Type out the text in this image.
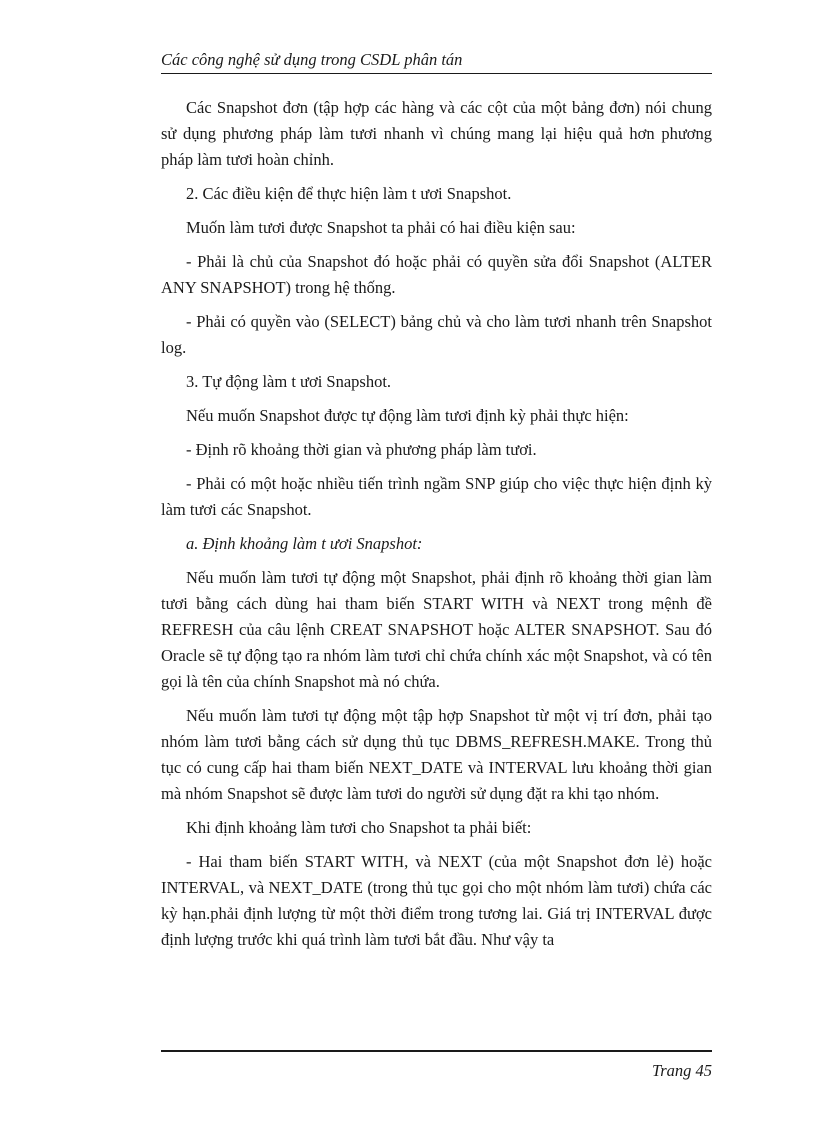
Các công nghệ sử dụng trong CSDL phân tán

Các Snapshot đơn (tập hợp các hàng và các cột của một bảng đơn) nói chung sử dụng phương pháp làm tươi nhanh vì chúng mang lại hiệu quả hơn phương pháp làm tươi hoàn chỉnh.

2. Các điều kiện để thực hiện làm t ươi Snapshot.

Muốn làm tươi được Snapshot ta phải có hai điều kiện sau:

- Phải là chủ của Snapshot đó hoặc phải có quyền sửa đổi Snapshot (ALTER ANY SNAPSHOT) trong hệ thống.

- Phải có quyền vào (SELECT) bảng chủ và cho làm tươi nhanh trên Snapshot log.

3. Tự động làm t ươi Snapshot.

Nếu muốn Snapshot được tự động làm tươi định kỳ phải thực hiện:

- Định rõ khoảng thời gian và phương pháp làm tươi.

- Phải có một hoặc nhiều tiến trình ngầm SNP giúp cho việc thực hiện định kỳ làm tươi các Snapshot.

a. Định khoảng làm t ươi Snapshot:

Nếu muốn làm tươi tự động một Snapshot, phải định rõ khoảng thời gian làm tươi bằng cách dùng hai tham biến START WITH và NEXT trong mệnh đề REFRESH của câu lệnh CREAT SNAPSHOT hoặc ALTER SNAPSHOT. Sau đó Oracle sẽ tự động tạo ra nhóm làm tươi chỉ chứa chính xác một Snapshot, và có tên gọi là tên của chính Snapshot mà nó chứa.

Nếu muốn làm tươi tự động một tập hợp Snapshot từ một vị trí đơn, phải tạo nhóm làm tươi bằng cách sử dụng thủ tục DBMS_REFRESH.MAKE. Trong thủ tục có cung cấp hai tham biến NEXT_DATE và INTERVAL lưu khoảng thời gian mà nhóm Snapshot sẽ được làm tươi do người sử dụng đặt ra khi tạo nhóm.

Khi định khoảng làm tươi cho Snapshot ta phải biết:

- Hai tham biến START WITH, và NEXT (của một Snapshot đơn lẻ) hoặc INTERVAL, và NEXT_DATE (trong thủ tục gọi cho một nhóm làm tươi) chứa các kỳ hạn.phải định lượng từ một thời điểm trong tương lai. Giá trị INTERVAL được định lượng trước khi quá trình làm tươi bắt đầu. Như vậy ta

Trang 45
